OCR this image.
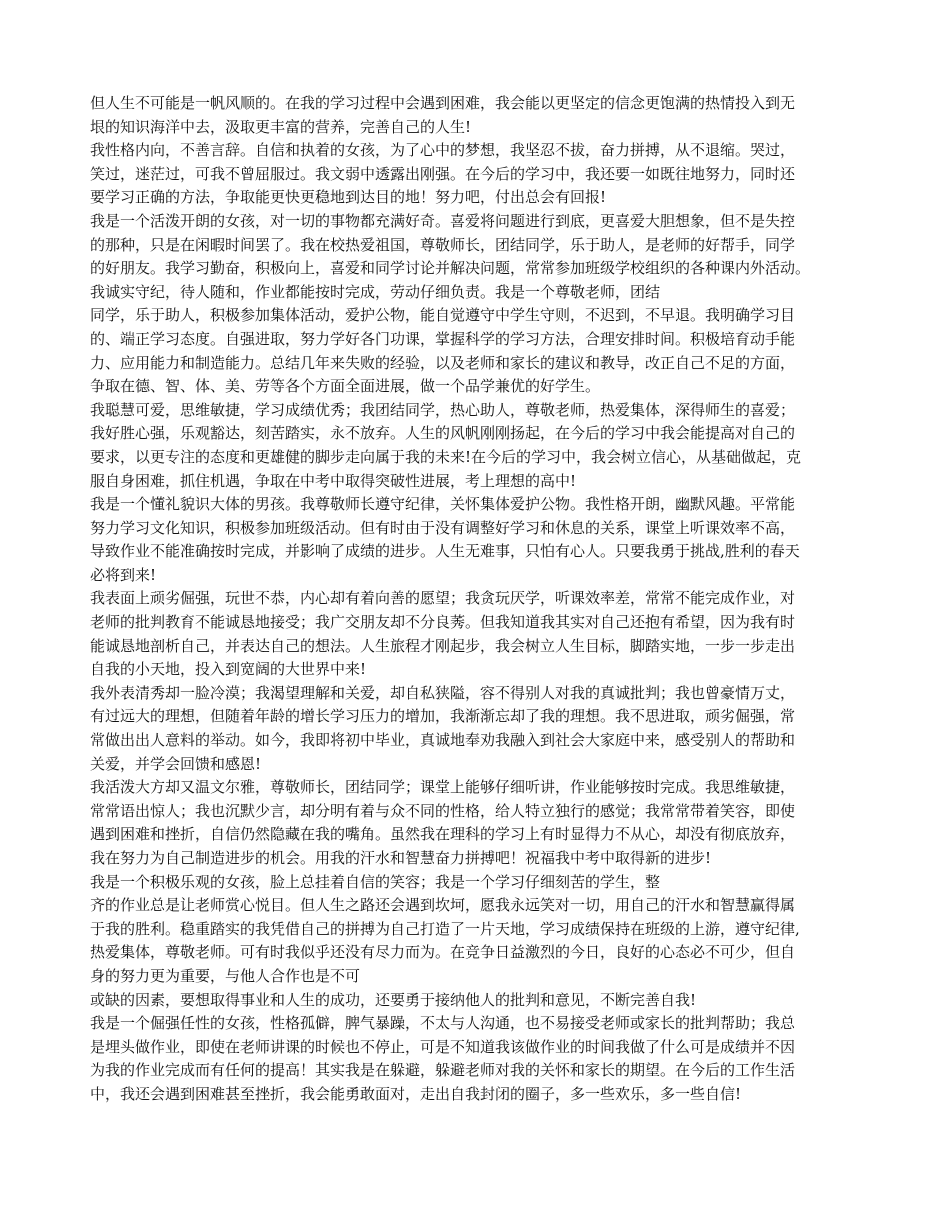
但人生不可能是一帆风顺的。在我的学习过程中会遇到困难，我会能以更坚定的信念更饱满的热情投入到无
垠的知识海洋中去，汲取更丰富的营养，完善自己的人生!
我性格内向，不善言辞。自信和执着的女孩，为了心中的梦想，我坚忍不拔，奋力拼搏，从不退缩。哭过，
笑过，迷茫过，可我不曾屈服过。我文弱中透露出刚强。在今后的学习中，我还要一如既往地努力，同时还
要学习正确的方法，争取能更快更稳地到达目的地！努力吧，付出总会有回报!
我是一个活泼开朗的女孩，对一切的事物都充满好奇。喜爱将问题进行到底，更喜爱大胆想象，但不是失控
的那种，只是在闲暇时间罢了。我在校热爱祖国，尊敬师长，团结同学，乐于助人，是老师的好帮手，同学
的好朋友。我学习勤奋，积极向上，喜爱和同学讨论并解决问题，常常参加班级学校组织的各种课内外活动。
我诚实守纪，待人随和，作业都能按时完成，劳动仔细负责。我是一个尊敬老师，团结
同学，乐于助人，积极参加集体活动，爱护公物，能自觉遵守中学生守则，不迟到，不早退。我明确学习目
的、端正学习态度。自强进取，努力学好各门功课，掌握科学的学习方法，合理安排时间。积极培育动手能
力、应用能力和制造能力。总结几年来失败的经验，以及老师和家长的建议和教导，改正自己不足的方面，
争取在德、智、体、美、劳等各个方面全面进展，做一个品学兼优的好学生。
我聪慧可爱，思维敏捷，学习成绩优秀；我团结同学，热心助人，尊敬老师，热爱集体，深得师生的喜爱；
我好胜心强，乐观豁达，刻苦踏实，永不放弃。人生的风帆刚刚扬起，在今后的学习中我会能提高对自己的
要求，以更专注的态度和更雄健的脚步走向属于我的未来!在今后的学习中，我会树立信心，从基础做起，克
服自身困难，抓住机遇，争取在中考中取得突破性进展，考上理想的高中!
我是一个懂礼貌识大体的男孩。我尊敬师长遵守纪律，关怀集体爱护公物。我性格开朗，幽默风趣。平常能
努力学习文化知识，积极参加班级活动。但有时由于没有调整好学习和休息的关系，课堂上听课效率不高，
导致作业不能准确按时完成，并影响了成绩的进步。人生无难事，只怕有心人。只要我勇于挑战,胜利的春天
必将到来!
我表面上顽劣倔强，玩世不恭，内心却有着向善的愿望；我贪玩厌学，听课效率差，常常不能完成作业，对
老师的批判教育不能诚恳地接受；我广交朋友却不分良莠。但我知道我其实对自己还抱有希望，因为我有时
能诚恳地剖析自己，并表达自己的想法。人生旅程才刚起步，我会树立人生目标，脚踏实地，一步一步走出
自我的小天地，投入到宽阔的大世界中来!
我外表清秀却一脸冷漠；我渴望理解和关爱，却自私狭隘，容不得别人对我的真诚批判；我也曾豪情万丈，
有过远大的理想，但随着年龄的增长学习压力的增加，我渐渐忘却了我的理想。我不思进取，顽劣倔强，常
常做出出人意料的举动。如今，我即将初中毕业，真诚地奉劝我融入到社会大家庭中来，感受别人的帮助和
关爱，并学会回馈和感恩!
我活泼大方却又温文尔雅，尊敬师长，团结同学；课堂上能够仔细听讲，作业能够按时完成。我思维敏捷，
常常语出惊人；我也沉默少言，却分明有着与众不同的性格，给人特立独行的感觉；我常常带着笑容，即使
遇到困难和挫折，自信仍然隐藏在我的嘴角。虽然我在理科的学习上有时显得力不从心，却没有彻底放弃，
我在努力为自己制造进步的机会。用我的汗水和智慧奋力拼搏吧！祝福我中考中取得新的进步!
我是一个积极乐观的女孩，脸上总挂着自信的笑容；我是一个学习仔细刻苦的学生，整
齐的作业总是让老师赏心悦目。但人生之路还会遇到坎坷，愿我永远笑对一切，用自己的汗水和智慧赢得属
于我的胜利。稳重踏实的我凭借自己的拼搏为自己打造了一片天地，学习成绩保持在班级的上游，遵守纪律,
热爱集体，尊敬老师。可有时我似乎还没有尽力而为。在竞争日益激烈的今日，良好的心态必不可少，但自
身的努力更为重要，与他人合作也是不可
或缺的因素，要想取得事业和人生的成功，还要勇于接纳他人的批判和意见，不断完善自我!
我是一个倔强任性的女孩，性格孤僻，脾气暴躁，不太与人沟通，也不易接受老师或家长的批判帮助；我总
是埋头做作业，即使在老师讲课的时候也不停止，可是不知道我该做作业的时间我做了什么可是成绩并不因
为我的作业完成而有任何的提高！其实我是在躲避，躲避老师对我的关怀和家长的期望。在今后的工作生活
中，我还会遇到困难甚至挫折，我会能勇敢面对，走出自我封闭的圈子，多一些欢乐，多一些自信!
